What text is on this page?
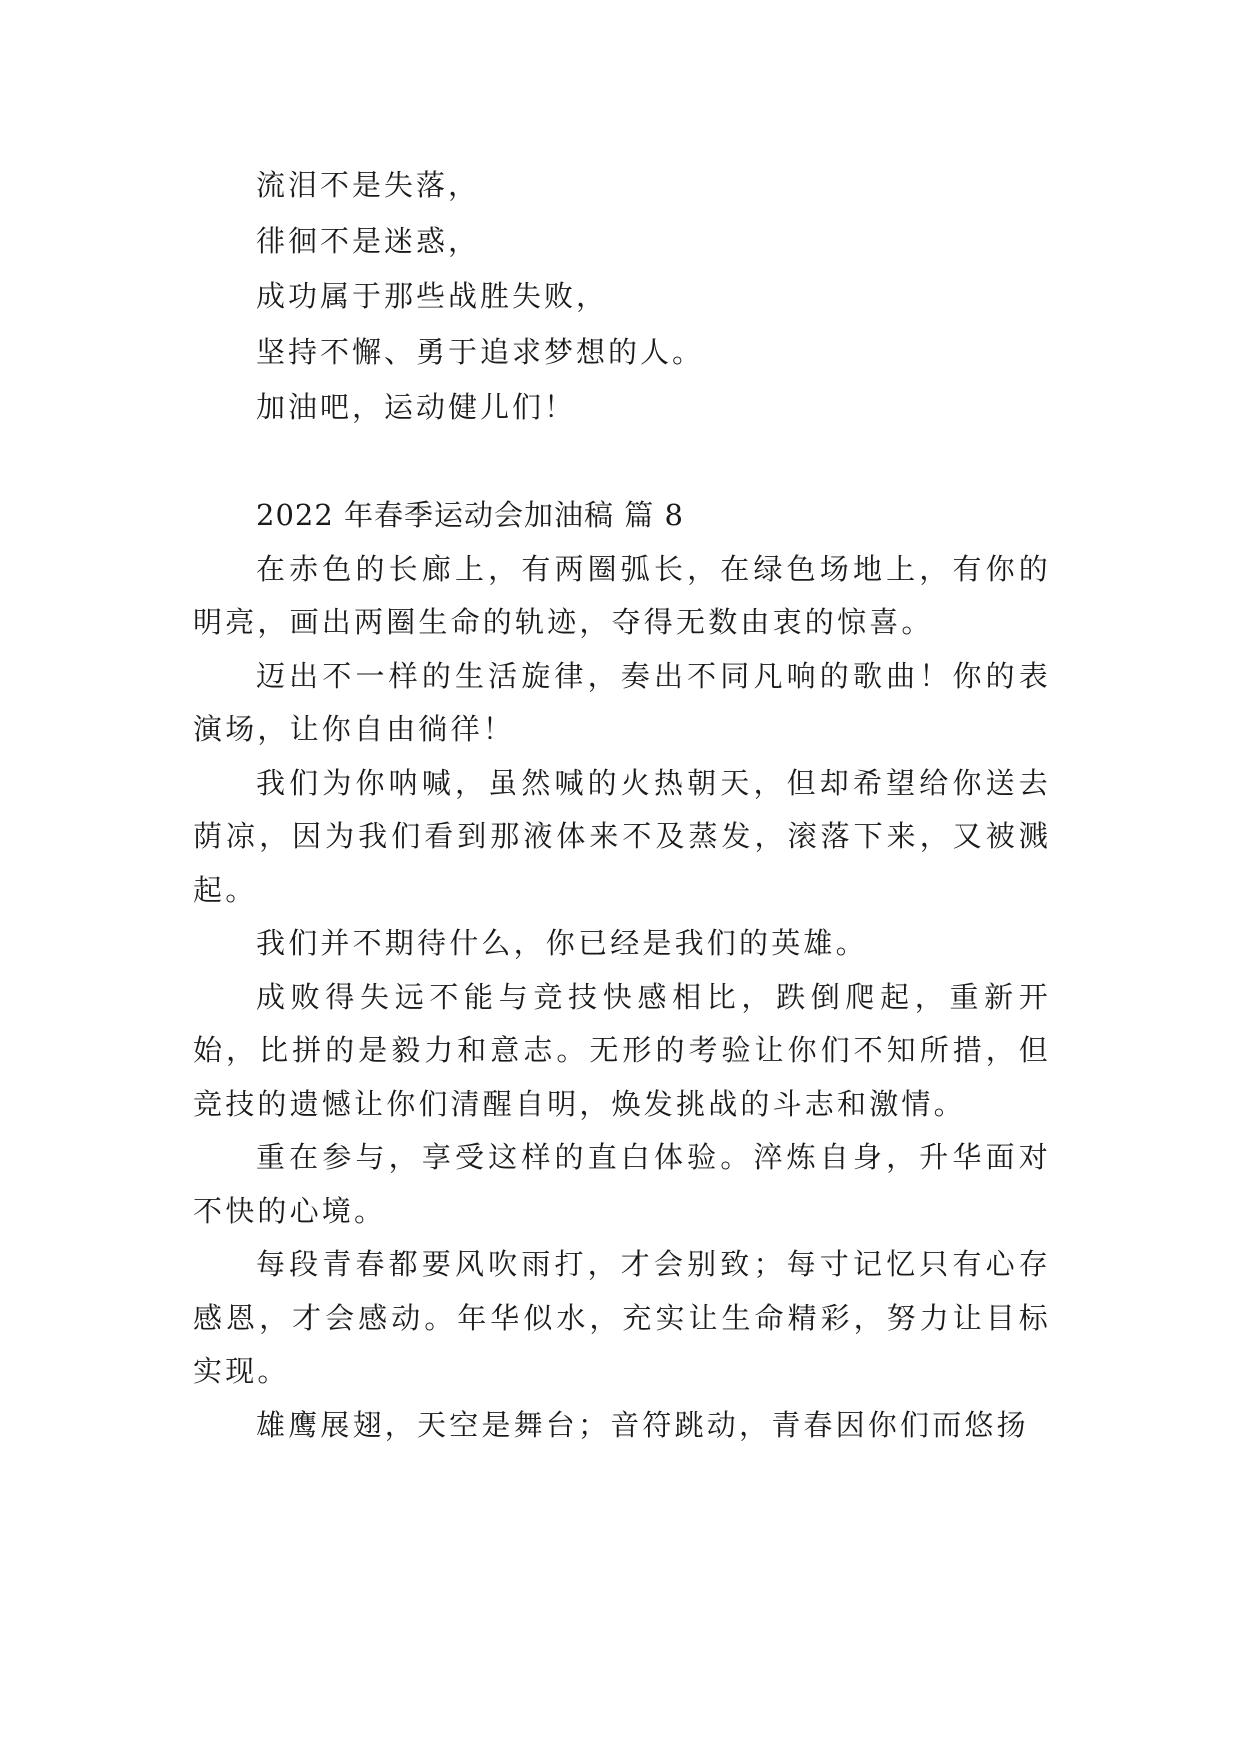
流泪不是失落，

徘徊不是迷惑，

成功属于那些战胜失败，

坚持不懈、勇于追求梦想的人。

加油吧，运动健儿们！

2022 年春季运动会加油稿 篇 8

在赤色的长廊上，有两圈弧长，在绿色场地上，有你的明亮，画出两圈生命的轨迹，夺得无数由衷的惊喜。

迈出不一样的生活旋律，奏出不同凡响的歌曲！你的表演场，让你自由徜徉！

我们为你呐喊，虽然喊的火热朝天，但却希望给你送去荫凉，因为我们看到那液体来不及蒸发，滚落下来，又被溅起。

我们并不期待什么，你已经是我们的英雄。

成败得失远不能与竞技快感相比，跌倒爬起，重新开始，比拼的是毅力和意志。无形的考验让你们不知所措，但竞技的遗憾让你们清醒自明，焕发挑战的斗志和激情。

重在参与，享受这样的直白体验。淬炼自身，升华面对不快的心境。

每段青春都要风吹雨打，才会别致；每寸记忆只有心存感恩，才会感动。年华似水，充实让生命精彩，努力让目标实现。

雄鹰展翅，天空是舞台；音符跳动，青春因你们而悠扬
